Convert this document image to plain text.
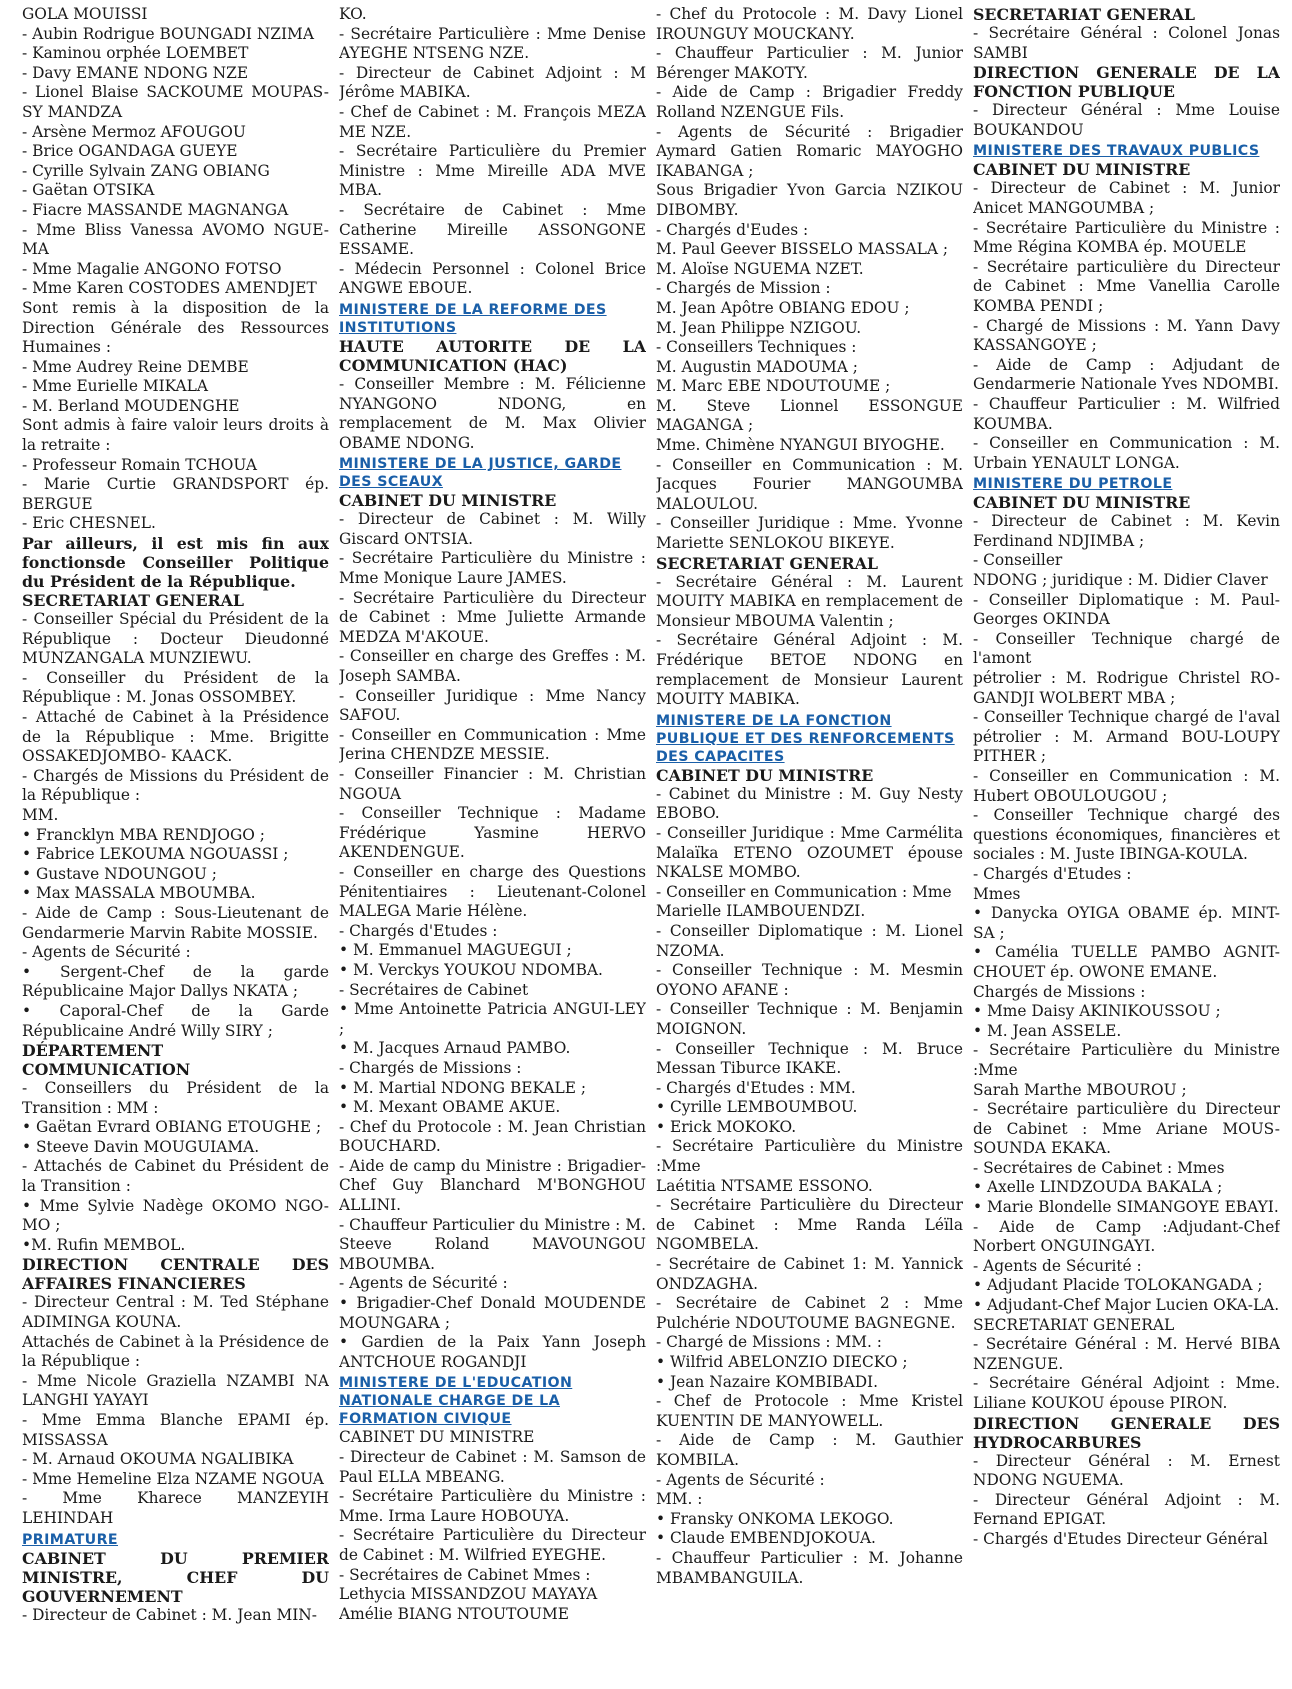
GOLA MOUISSI

- Aubin Rodrigue BOUNGADI NZIMA

- Kaminou orphée LOEMBET

- Davy EMANE NDONG NZE

- Lionel Blaise SACKOUME MOUPAS-SY MANDZA

- Arsène Mermoz AFOUGOU

- Brice OGANDAGA GUEYE

- Cyrille Sylvain ZANG OBIANG

- Gaëtan OTSIKA

- Fiacre MASSANDE MAGNANGA

- Mme Bliss Vanessa AVOMO NGUE-MA

- Mme Magalie ANGONO FOTSO

- Mme Karen COSTODES AMENDJET

Sont remis à la disposition de la Direction Générale des Ressources Humaines :

- Mme Audrey Reine DEMBE

- Mme Eurielle MIKALA

- M. Berland MOUDENGHE

Sont admis à faire valoir leurs droits à la retraite :

- Professeur Romain TCHOUA

- Marie Curtie GRANDSPORT ép. BERGUE

- Eric CHESNEL.

Par ailleurs, il est mis fin aux fonctionsde Conseiller Politique du Président de la République.

SECRETARIAT GENERAL

- Conseiller Spécial du Président de la République : Docteur Dieudonné MUNZANGALA MUNZIEWU.

- Conseiller du Président de la République : M. Jonas OSSOMBEY.

- Attaché de Cabinet à la Présidence de la République : Mme. Brigitte OSSAKEDJOMBO- KAACK.

- Chargés de Missions du Président de la République :

MM.

• Francklyn MBA RENDJOGO ;

• Fabrice LEKOUMA NGOUASSI ;

• Gustave NDOUNGOU ;

• Max MASSALA MBOUMBA.

- Aide de Camp : Sous-Lieutenant de Gendarmerie Marvin Rabite MOSSIE.

- Agents de Sécurité :

• Sergent-Chef de la garde Républicaine Major Dallys NKATA ;

• Caporal-Chef de la Garde Républicaine André Willy SIRY ;

DÉPARTEMENT COMMUNICATION

- Conseillers du Président de la Transition : MM :

• Gaëtan Evrard OBIANG ETOUGHE ;

• Steeve Davin MOUGUIAMA.

- Attachés de Cabinet du Président de la Transition :

• Mme Sylvie Nadège OKOMO NGO-MO ;

•M. Rufin MEMBOL.

DIRECTION CENTRALE DES AFFAIRES FINANCIERES

- Directeur Central : M. Ted Stéphane ADIMINGA KOUNA.

Attachés de Cabinet à la Présidence de la République :

- Mme Nicole Graziella NZAMBI NA LANGHI YAYAYI

- Mme Emma Blanche EPAMI ép. MISSASSA

- M. Arnaud OKOUMA NGALIBIKA

- Mme Hemeline Elza NZAME NGOUA

- Mme Kharece MANZEYIH LEHINDAH

PRIMATURE

CABINET DU PREMIER MINISTRE, CHEF DU GOUVERNEMENT

- Directeur de Cabinet : M. Jean MIN-

KO.

- Secrétaire Particulière : Mme Denise AYEGHE NTSENG NZE.

- Directeur de Cabinet Adjoint : M Jérôme MABIKA.

- Chef de Cabinet : M. François MEZA ME NZE.

- Secrétaire Particulière du Premier Ministre : Mme Mireille ADA MVE MBA.

- Secrétaire de Cabinet : Mme Catherine Mireille ASSONGONE ESSAME.

- Médecin Personnel : Colonel Brice ANGWE EBOUE.

MINISTERE DE LA REFORME DES INSTITUTIONS

HAUTE AUTORITE DE LA COMMUNICATION (HAC)

- Conseiller Membre : M. Félicienne NYANGONO NDONG, en remplacement de M. Max Olivier OBAME NDONG.

MINISTERE DE LA JUSTICE, GARDE DES SCEAUX

CABINET DU MINISTRE

- Directeur de Cabinet : M. Willy Giscard ONTSIA.

- Secrétaire Particulière du Ministre : Mme Monique Laure JAMES.

- Secrétaire Particulière du Directeur de Cabinet : Mme Juliette Armande MEDZA M'AKOUE.

- Conseiller en charge des Greffes : M. Joseph SAMBA.

- Conseiller Juridique : Mme Nancy SAFOU.

- Conseiller en Communication : Mme Jerina CHENDZE MESSIE.

- Conseiller Financier : M. Christian NGOUA

- Conseiller Technique : Madame Frédérique Yasmine HERVO AKENDENGUE.

- Conseiller en charge des Questions Pénitentiaires : Lieutenant-Colonel MALEGA Marie Hélène.

- Chargés d'Etudes :

• M. Emmanuel MAGUEGUI ;

• M. Verckys YOUKOU NDOMBA.

- Secrétaires de Cabinet

• Mme Antoinette Patricia ANGUI-LEY ;

• M. Jacques Arnaud PAMBO.

- Chargés de Missions :

• M. Martial NDONG BEKALE ;

• M. Mexant OBAME AKUE.

- Chef du Protocole : M. Jean Christian BOUCHARD.

- Aide de camp du Ministre : Brigadier-Chef Guy Blanchard M'BONGHOU ALLINI.

- Chauffeur Particulier du Ministre : M. Steeve Roland MAVOUNGOU MBOUMBA.

- Agents de Sécurité :

• Brigadier-Chef Donald MOUDENDE MOUNGARA ;

• Gardien de la Paix Yann Joseph ANTCHOUE ROGANDJI

MINISTERE DE L'EDUCATION NATIONALE CHARGE DE LA FORMATION CIVIQUE

CABINET DU MINISTRE

- Directeur de Cabinet : M. Samson de Paul ELLA MBEANG.

- Secrétaire Particulière du Ministre : Mme. Irma Laure HOBOUYA.

- Secrétaire Particulière du Directeur de Cabinet : M. Wilfried EYEGHE.

- Secrétaires de Cabinet Mmes :

Lethycia MISSANDZOU MAYAYA

Amélie BIANG NTOUTOUME

- Chef du Protocole : M. Davy Lionel IROUNGUY MOUCKANY.

- Chauffeur Particulier : M. Junior Bérenger MAKOTY.

- Aide de Camp : Brigadier Freddy Rolland NZENGUE Fils.

- Agents de Sécurité : Brigadier Aymard Gatien Romaric MAYOGHO IKABANGA ;

Sous Brigadier Yvon Garcia NZIKOU DIBOMBY.

- Chargés d'Eudes :

M. Paul Geever BISSELO MASSALA ;

M. Aloïse NGUEMA NZET.

- Chargés de Mission :

M. Jean Apôtre OBIANG EDOU ;

M. Jean Philippe NZIGOU.

- Conseillers Techniques :

M. Augustin MADOUMA ;

M. Marc EBE NDOUTOUME ;

M. Steve Lionnel ESSONGUE MAGANGA ;

Mme. Chimène NYANGUI BIYOGHE.

- Conseiller en Communication : M. Jacques Fourier MANGOUMBA MALOULOU.

- Conseiller Juridique : Mme. Yvonne Mariette SENLOKOU BIKEYE.

SECRETARIAT GENERAL

- Secrétaire Général : M. Laurent MOUITY MABIKA en remplacement de Monsieur MBOUMA Valentin ;

- Secrétaire Général Adjoint : M. Frédérique BETOE NDONG en remplacement de Monsieur Laurent MOUITY MABIKA.

MINISTERE DE LA FONCTION PUBLIQUE ET DES RENFORCEMENTS DES CAPACITES

CABINET DU MINISTRE

- Cabinet du Ministre : M. Guy Nesty EBOBO.

- Conseiller Juridique : Mme Carmélita Malaïka ETENO OZOUMET épouse NKALSE MOMBO.

- Conseiller en Communication : Mme

Marielle ILAMBOUENDZI.

- Conseiller Diplomatique : M. Lionel NZOMA.

- Conseiller Technique : M. Mesmin OYONO AFANE :

- Conseiller Technique : M. Benjamin MOIGNON.

- Conseiller Technique : M. Bruce Messan Tiburce IKAKE.

- Chargés d'Etudes : MM.

• Cyrille LEMBOUMBOU.

• Erick MOKOKO.

- Secrétaire Particulière du Ministre :Mme

Laétitia NTSAME ESSONO.

- Secrétaire Particulière du Directeur de Cabinet : Mme Randa Léïla NGOMBELA.

- Secrétaire de Cabinet 1: M. Yannick ONDZAGHA.

- Secrétaire de Cabinet 2 : Mme Pulchérie NDOUTOUME BAGNEGNE.

- Chargé de Missions : MM. :

• Wilfrid ABELONZIO DIECKO ;

• Jean Nazaire KOMBIBADI.

- Chef de Protocole : Mme Kristel KUENTIN DE MANYOWELL.

- Aide de Camp : M. Gauthier KOMBILA.

- Agents de Sécurité :

MM. :

• Fransky ONKOMA LEKOGO.

• Claude EMBENDJOKOUA.

- Chauffeur Particulier : M. Johanne MBAMBANGUILA.

SECRETARIAT GENERAL

- Secrétaire Général : Colonel Jonas SAMBI

DIRECTION GENERALE DE LA FONCTION PUBLIQUE

- Directeur Général : Mme Louise BOUKANDOU

MINISTERE DES TRAVAUX PUBLICS

CABINET DU MINISTRE

- Directeur de Cabinet : M. Junior Anicet MANGOUMBA ;

- Secrétaire Particulière du Ministre : Mme Régina KOMBA ép. MOUELE

- Secrétaire particulière du Directeur de Cabinet : Mme Vanellia Carolle KOMBA PENDI ;

- Chargé de Missions : M. Yann Davy KASSANGOYE ;

- Aide de Camp : Adjudant de Gendarmerie Nationale Yves NDOMBI.

- Chauffeur Particulier : M. Wilfried KOUMBA.

- Conseiller en Communication : M. Urbain YENAULT LONGA.

MINISTERE DU PETROLE

CABINET DU MINISTRE

- Directeur de Cabinet : M. Kevin Ferdinand NDJIMBA ;

- Conseiller

NDONG ; juridique : M. Didier Claver

- Conseiller Diplomatique : M. Paul-Georges OKINDA

- Conseiller Technique chargé de l'amont

pétrolier : M. Rodrigue Christel RO-GANDJI WOLBERT MBA ;

- Conseiller Technique chargé de l'aval pétrolier : M. Armand BOU-LOUPY PITHER ;

- Conseiller en Communication : M. Hubert OBOULOUGOU ;

- Conseiller Technique chargé des questions économiques, financières et sociales : M. Juste IBINGA-KOULA.

- Chargés d'Etudes :

Mmes

• Danycka OYIGA OBAME ép. MINT-SA ;

• Camélia TUELLE PAMBO AGNIT-CHOUET ép. OWONE EMANE.

Chargés de Missions :

• Mme Daisy AKINIKOUSSOU ;

• M. Jean ASSELE.

- Secrétaire Particulière du Ministre :Mme

Sarah Marthe MBOUROU ;

- Secrétaire particulière du Directeur de Cabinet : Mme Ariane MOUS-SOUNDA EKAKA.

- Secrétaires de Cabinet : Mmes

• Axelle LINDZOUDA BAKALA ;

• Marie Blondelle SIMANGOYE EBAYI.

- Aide de Camp :Adjudant-Chef Norbert ONGUINGAYI.

- Agents de Sécurité :

• Adjudant Placide TOLOKANGADA ;

• Adjudant-Chef Major Lucien OKA-LA.

SECRETARIAT GENERAL

- Secrétaire Général : M. Hervé BIBA NZENGUE.

- Secrétaire Général Adjoint : Mme. Liliane KOUKOU épouse PIRON.

DIRECTION GENERALE DES HYDROCARBURES

- Directeur Général : M. Ernest NDONG NGUEMA.

- Directeur Général Adjoint : M. Fernand EPIGAT.

- Chargés d'Etudes Directeur Général
